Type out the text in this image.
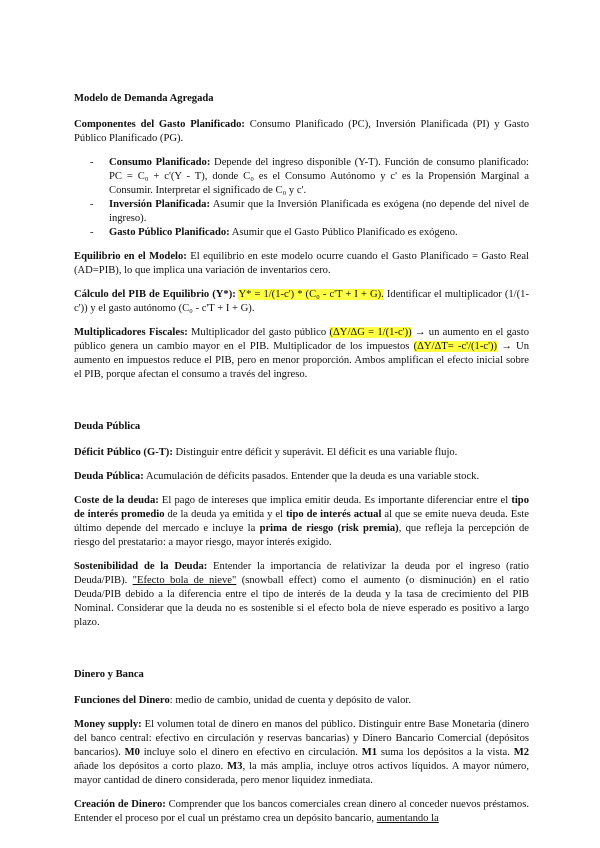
Modelo de Demanda Agregada
Componentes del Gasto Planificado: Consumo Planificado (PC), Inversión Planificada (PI) y Gasto Público Planificado (PG).
- Consumo Planificado: Depende del ingreso disponible (Y-T). Función de consumo planificado: PC = C₀ + c'(Y - T), donde C₀ es el Consumo Autónomo y c' es la Propensión Marginal a Consumir. Interpretar el significado de C₀ y c'.
- Inversión Planificada: Asumir que la Inversión Planificada es exógena (no depende del nivel de ingreso).
- Gasto Público Planificado: Asumir que el Gasto Público Planificado es exógeno.
Equilibrio en el Modelo: El equilibrio en este modelo ocurre cuando el Gasto Planificado = Gasto Real (AD=PIB), lo que implica una variación de inventarios cero.
Cálculo del PIB de Equilibrio (Y*): Y* = 1/(1-c') * (C₀ - c'T + I + G). Identificar el multiplicador (1/(1-c')) y el gasto autónomo (C₀ - c'T + I + G).
Multiplicadores Fiscales: Multiplicador del gasto público (ΔY/ΔG = 1/(1-c')) → un aumento en el gasto público genera un cambio mayor en el PIB. Multiplicador de los impuestos (ΔY/ΔT= -c'/(1-c')) → Un aumento en impuestos reduce el PIB, pero en menor proporción. Ambos amplifican el efecto inicial sobre el PIB, porque afectan el consumo a través del ingreso.
Deuda Pública
Déficit Público (G-T): Distinguir entre déficit y superávit. El déficit es una variable flujo.
Deuda Pública: Acumulación de déficits pasados. Entender que la deuda es una variable stock.
Coste de la deuda: El pago de intereses que implica emitir deuda. Es importante diferenciar entre el tipo de interés promedio de la deuda ya emitida y el tipo de interés actual al que se emite nueva deuda. Este último depende del mercado e incluye la prima de riesgo (risk premia), que refleja la percepción de riesgo del prestatario: a mayor riesgo, mayor interés exigido.
Sostenibilidad de la Deuda: Entender la importancia de relativizar la deuda por el ingreso (ratio Deuda/PIB). "Efecto bola de nieve" (snowball effect) como el aumento (o disminución) en el ratio Deuda/PIB debido a la diferencia entre el tipo de interés de la deuda y la tasa de crecimiento del PIB Nominal. Considerar que la deuda no es sostenible si el efecto bola de nieve esperado es positivo a largo plazo.
Dinero y Banca
Funciones del Dinero: medio de cambio, unidad de cuenta y depósito de valor.
Money supply: El volumen total de dinero en manos del público. Distinguir entre Base Monetaria (dinero del banco central: efectivo en circulación y reservas bancarias) y Dinero Bancario Comercial (depósitos bancarios). M0 incluye solo el dinero en efectivo en circulación. M1 suma los depósitos a la vista. M2 añade los depósitos a corto plazo. M3, la más amplia, incluye otros activos líquidos. A mayor número, mayor cantidad de dinero considerada, pero menor liquidez inmediata.
Creación de Dinero: Comprender que los bancos comerciales crean dinero al conceder nuevos préstamos. Entender el proceso por el cual un préstamo crea un depósito bancario, aumentando la
